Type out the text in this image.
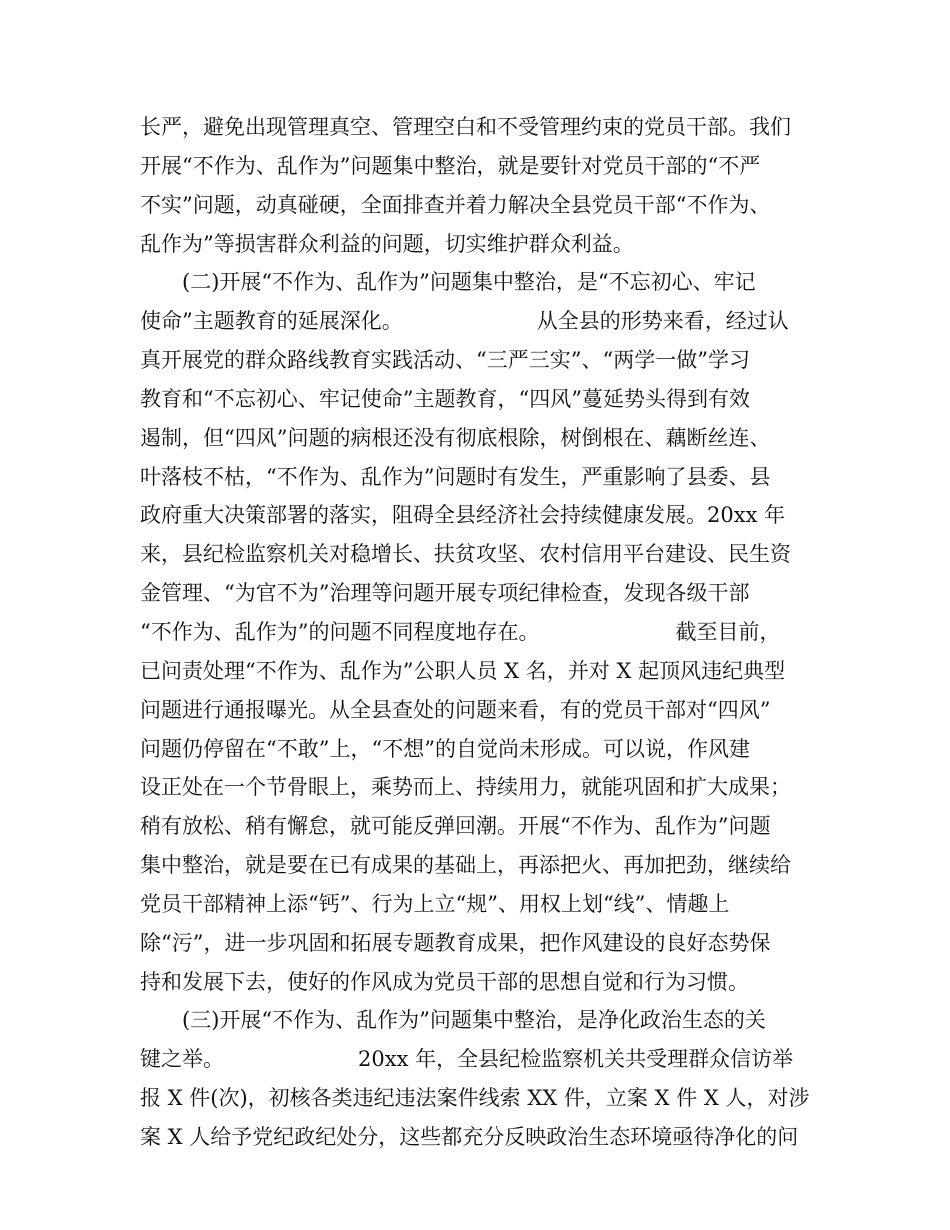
长严，避免出现管理真空、管理空白和不受管理约束的党员干部。我们
开展“不作为、乱作为”问题集中整治，就是要针对党员干部的“不严
不实”问题，动真碰硬，全面排查并着力解决全县党员干部“不作为、
乱作为”等损害群众利益的问题，切实维护群众利益。
(二)开展“不作为、乱作为”问题集中整治，是“不忘初心、牢记
使命”主题教育的延展深化。	从全县的形势来看，经过认
真开展党的群众路线教育实践活动、“三严三实”、“两学一做”学习
教育和“不忘初心、牢记使命”主题教育，“四风”蔓延势头得到有效
遏制，但“四风”问题的病根还没有彻底根除，树倒根在、藕断丝连、
叶落枝不枯，“不作为、乱作为”问题时有发生，严重影响了县委、县
政府重大决策部署的落实，阻碍全县经济社会持续健康发展。20xx 年
来，县纪检监察机关对稳增长、扶贫攻坚、农村信用平台建设、民生资
金管理、“为官不为”治理等问题开展专项纪律检查，发现各级干部
“不作为、乱作为”的问题不同程度地存在。	截至目前，
已问责处理“不作为、乱作为”公职人员 X 名，并对 X 起顶风违纪典型
问题进行通报曝光。从全县查处的问题来看，有的党员干部对“四风”
问题仍停留在“不敢”上，“不想”的自觉尚未形成。可以说，作风建
设正处在一个节骨眼上，乘势而上、持续用力，就能巩固和扩大成果；
稍有放松、稍有懈怠，就可能反弹回潮。开展“不作为、乱作为”问题
集中整治，就是要在已有成果的基础上，再添把火、再加把劲，继续给
党员干部精神上添“钙”、行为上立“规”、用权上划“线”、情趣上
除“污”，进一步巩固和拓展专题教育成果，把作风建设的良好态势保
持和发展下去，使好的作风成为党员干部的思想自觉和行为习惯。
(三)开展“不作为、乱作为”问题集中整治，是净化政治生态的关
键之举。	20xx 年，全县纪检监察机关共受理群众信访举
报 X 件(次)，初核各类违纪违法案件线索 XX 件，立案 X 件 X 人，对涉
案 X 人给予党纪政纪处分，这些都充分反映政治生态环境亟待净化的问
